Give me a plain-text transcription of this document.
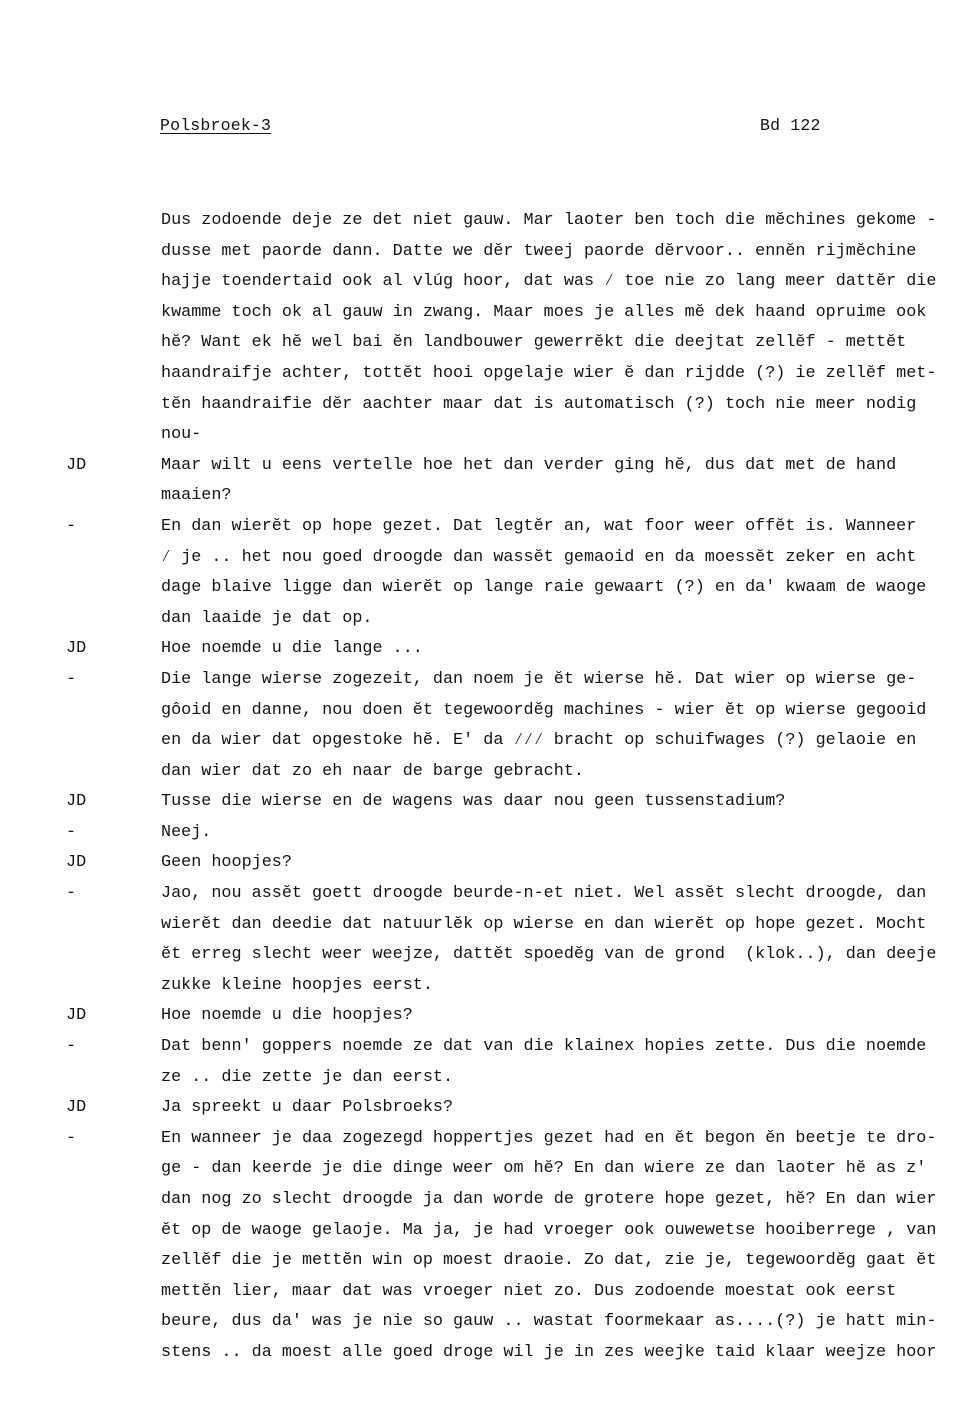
Polsbroek-3	Bd 122
Dus zodoende deje ze det niet gauw. Mar laoter ben toch die mĕchines gekome -
dusse met paorde dann. Datte we dĕr tweej paorde dĕrvoor.. ennĕn rijmĕchine
hajje toendertaid ook al vlúg hoor, dat was ⁄ toe nie zo lang meer dattĕr die
kwamme toch ok al gauw in zwang. Maar moes je alles mĕ dek haand opruime ook
hĕ? Want ek hĕ wel bai ĕn landbouwer gewerrĕkt die deejtat zellĕf - mettĕt
haandraifje achter, tottĕt hooi opgelaje wier ĕ dan rijdde (?) ie zellĕf met-
tĕn haandraifie dĕr aachter maar dat is automatisch (?) toch nie meer nodig
nou-
JD	Maar wilt u eens vertelle hoe het dan verder ging hĕ, dus dat met de hand
maaien?
-	En dan wierĕt op hope gezet. Dat legtĕr an, wat foor weer offĕt is. Wanneer
⁄ je .. het nou goed droogde dan wassĕt gemaoid en da moessĕt zeker en acht
dage blaive ligge dan wierĕt op lange raie gewaart (?) en da' kwaam de waoge
dan laaide je dat op.
JD	Hoe noemde u die lange ...
-	Die lange wierse zogezeit, dan noem je ĕt wierse hĕ. Dat wier op wierse ge-
gôoid en danne, nou doen ĕt tegewoordĕg machines - wier ĕt op wierse gegooid
en da wier dat opgestoke hĕ. E' da ⁄⁄⁄ bracht op schuifwages (?) gelaoie en
dan wier dat zo eh naar de barge gebracht.
JD	Tusse die wierse en de wagens was daar nou geen tussenstadium?
-	Neej.
JD	Geen hoopjes?
-	Jao, nou assĕt goett droogde beurde-n-et niet. Wel assĕt slecht droogde, dan
wierĕt dan deedie dat natuurlĕk op wierse en dan wierĕt op hope gezet. Mocht
ĕt erreg slecht weer weejze, dattĕt spoedĕg van de grond  (klok..), dan deeje
zukke kleine hoopjes eerst.
JD	Hoe noemde u die hoopjes?
-	Dat benn' goppers noemde ze dat van die klainex hopies zette. Dus die noemde
ze .. die zette je dan eerst.
JD	Ja spreekt u daar Polsbroeks?
-	En wanneer je daa zogezegd hoppertjes gezet had en ĕt begon ĕn beetje te dro-
ge - dan keerde je die dinge weer om hĕ? En dan wiere ze dan laoter hĕ as z'
dan nog zo slecht droogde ja dan worde de grotere hope gezet, hĕ? En dan wier
ĕt op de waoge gelaoje. Ma ja, je had vroeger ook ouwewetse hooiberrege , van
zellĕf die je mettĕn win op moest draoie. Zo dat, zie je, tegewoordĕg gaat ĕt
mettĕn lier, maar dat was vroeger niet zo. Dus zodoende moestat ook eerst
beure, dus da' was je nie so gauw .. wastat foormekaar as....(?) je hatt min-
stens .. da moest alle goed droge wil je in zes weejke taid klaar weejze hoor
